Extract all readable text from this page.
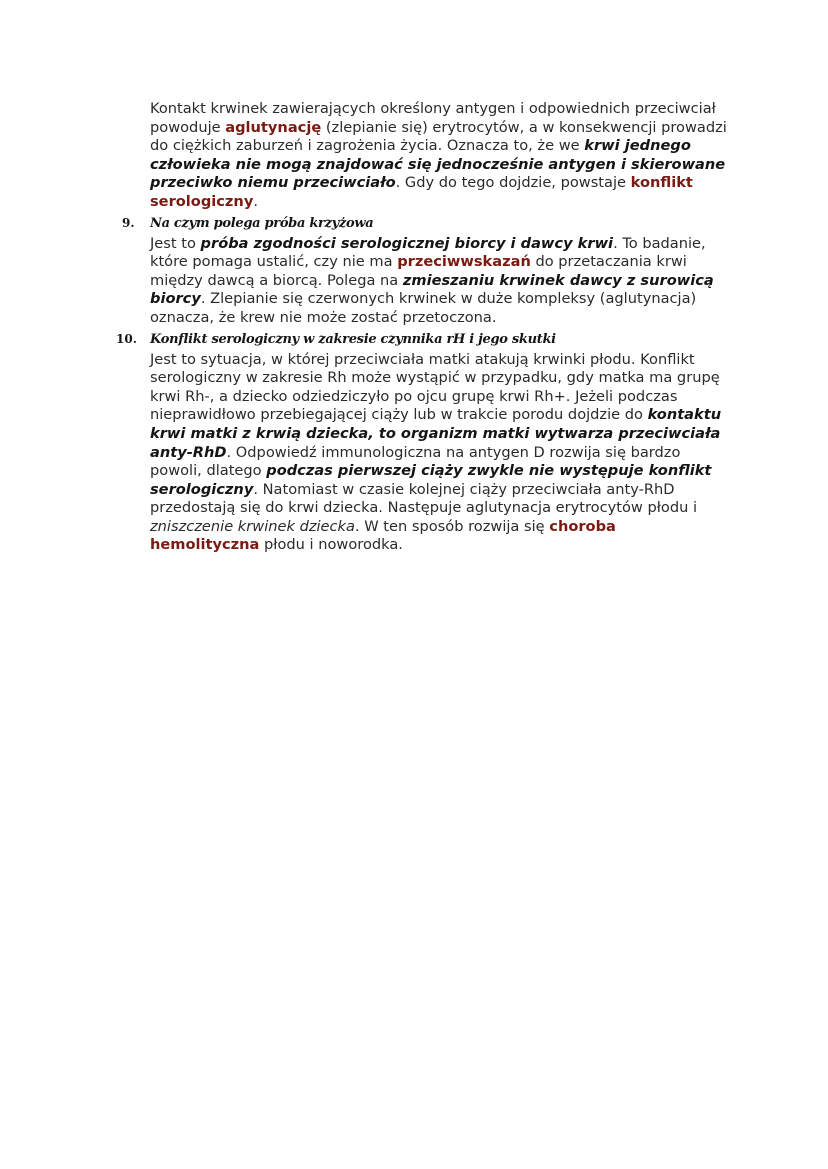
Kontakt krwinek zawierających określony antygen i odpowiednich przeciwciał powoduje aglutynację (zlepianie się) erytrocytów, a w konsekwencji prowadzi do ciężkich zaburzeń i zagrożenia życia. Oznacza to, że we krwi jednego człowieka nie mogą znajdować się jednocześnie antygen i skierowane przeciwko niemu przeciwciało. Gdy do tego dojdzie, powstaje konflikt serologiczny.

9. Na czym polega próba krzyżowa

Jest to próba zgodności serologicznej biorcy i dawcy krwi. To badanie, które pomaga ustalić, czy nie ma przeciwwskazań do przetaczania krwi między dawcą a biorcą. Polega na zmieszaniu krwinek dawcy z surowicą biorcy. Zlepianie się czerwonych krwinek w duże kompleksy (aglutynacja) oznacza, że krew nie może zostać przetoczona.

10. Konflikt serologiczny w zakresie czynnika rH i jego skutki

Jest to sytuacja, w której przeciwciała matki atakują krwinki płodu. Konflikt serologiczny w zakresie Rh może wystąpić w przypadku, gdy matka ma grupę krwi Rh-, a dziecko odziedziczyło po ojcu grupę krwi Rh+. Jeżeli podczas nieprawidłowo przebiegającej ciąży lub w trakcie porodu dojdzie do kontaktu krwi matki z krwią dziecka, to organizm matki wytwarza przeciwciała anty-RhD. Odpowiedź immunologiczna na antygen D rozwija się bardzo powoli, dlatego podczas pierwszej ciąży zwykle nie występuje konflikt serologiczny. Natomiast w czasie kolejnej ciąży przeciwciała anty-RhD przedostają się do krwi dziecka. Następuje aglutynacja erytrocytów płodu i zniszczenie krwinek dziecka. W ten sposób rozwija się choroba hemolityczna płodu i noworodka.
